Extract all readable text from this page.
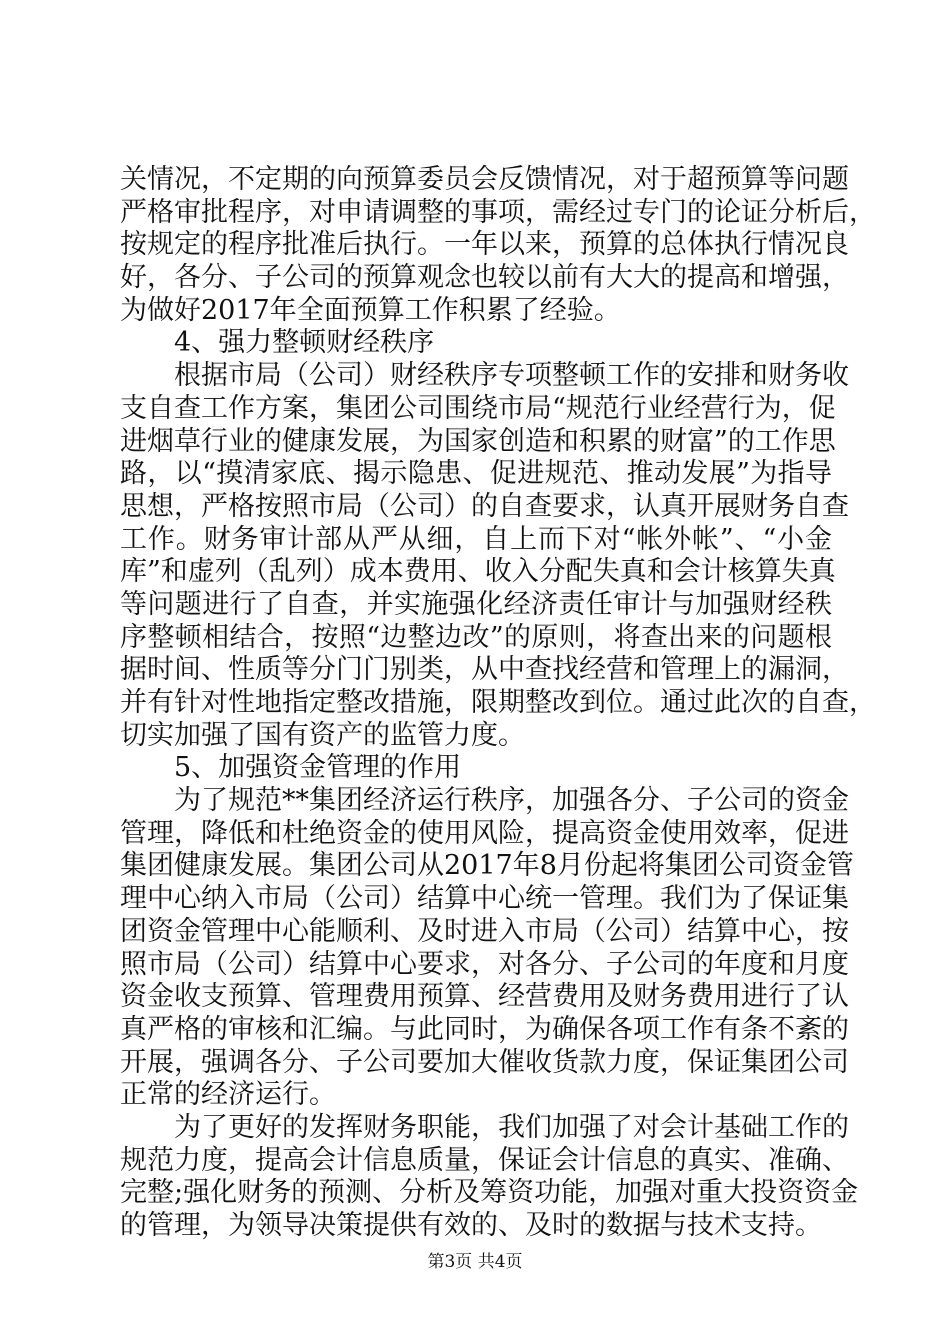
关情况，不定期的向预算委员会反馈情况，对于超预算等问题
严格审批程序，对申请调整的事项，需经过专门的论证分析后，
按规定的程序批准后执行。一年以来，预算的总体执行情况良
好，各分、子公司的预算观念也较以前有大大的提高和增强，
为做好2017年全面预算工作积累了经验。
4、强力整顿财经秩序
根据市局（公司）财经秩序专项整顿工作的安排和财务收
支自查工作方案，集团公司围绕市局“规范行业经营行为，促
进烟草行业的健康发展，为国家创造和积累的财富”的工作思
路，以“摸清家底、揭示隐患、促进规范、推动发展”为指导
思想，严格按照市局（公司）的自查要求，认真开展财务自查
工作。财务审计部从严从细，自上而下对“帐外帐”、“小金
库”和虚列（乱列）成本费用、收入分配失真和会计核算失真
等问题进行了自查，并实施强化经济责任审计与加强财经秩
序整顿相结合，按照“边整边改”的原则，将查出来的问题根
据时间、性质等分门门别类，从中查找经营和管理上的漏洞，
并有针对性地指定整改措施，限期整改到位。通过此次的自查，
切实加强了国有资产的监管力度。
5、加强资金管理的作用
为了规范**集团经济运行秩序，加强各分、子公司的资金
管理，降低和杜绝资金的使用风险，提高资金使用效率，促进
集团健康发展。集团公司从2017年8月份起将集团公司资金管
理中心纳入市局（公司）结算中心统一管理。我们为了保证集
团资金管理中心能顺利、及时进入市局（公司）结算中心，按
照市局（公司）结算中心要求，对各分、子公司的年度和月度
资金收支预算、管理费用预算、经营费用及财务费用进行了认
真严格的审核和汇编。与此同时，为确保各项工作有条不紊的
开展，强调各分、子公司要加大催收货款力度，保证集团公司
正常的经济运行。
为了更好的发挥财务职能，我们加强了对会计基础工作的
规范力度，提高会计信息质量，保证会计信息的真实、准确、
完整;强化财务的预测、分析及筹资功能，加强对重大投资资金
的管理，为领导决策提供有效的、及时的数据与技术支持。
第3页 共4页
